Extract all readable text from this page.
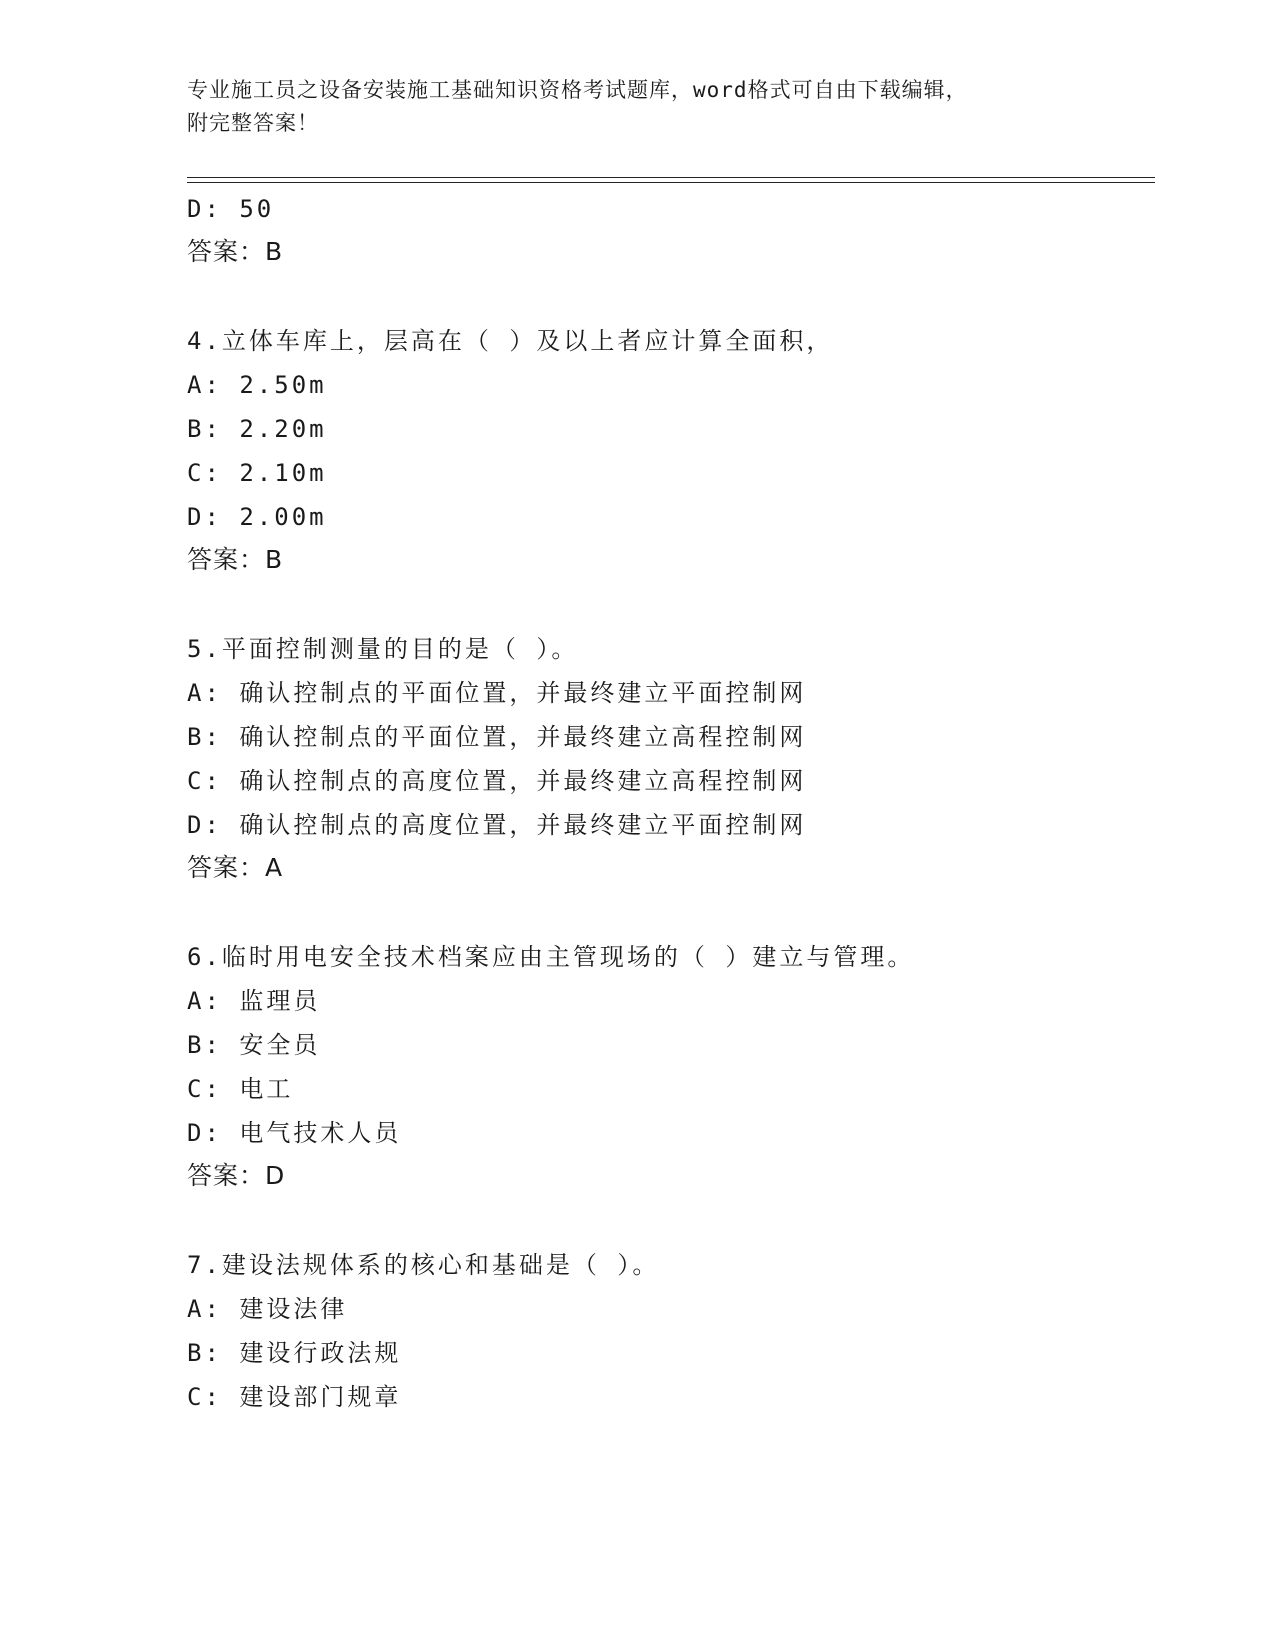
专业施工员之设备安装施工基础知识资格考试题库，word格式可自由下载编辑，
附完整答案！
D: 50
答案：B
4.立体车库上，层高在（ ）及以上者应计算全面积，
A: 2.50m
B: 2.20m
C: 2.10m
D: 2.00m
答案：B
5.平面控制测量的目的是（ ）。
A: 确认控制点的平面位置，并最终建立平面控制网
B: 确认控制点的平面位置，并最终建立高程控制网
C: 确认控制点的高度位置，并最终建立高程控制网
D: 确认控制点的高度位置，并最终建立平面控制网
答案：A
6.临时用电安全技术档案应由主管现场的（ ）建立与管理。
A: 监理员
B: 安全员
C: 电工
D: 电气技术人员
答案：D
7.建设法规体系的核心和基础是（ ）。
A: 建设法律
B: 建设行政法规
C: 建设部门规章
